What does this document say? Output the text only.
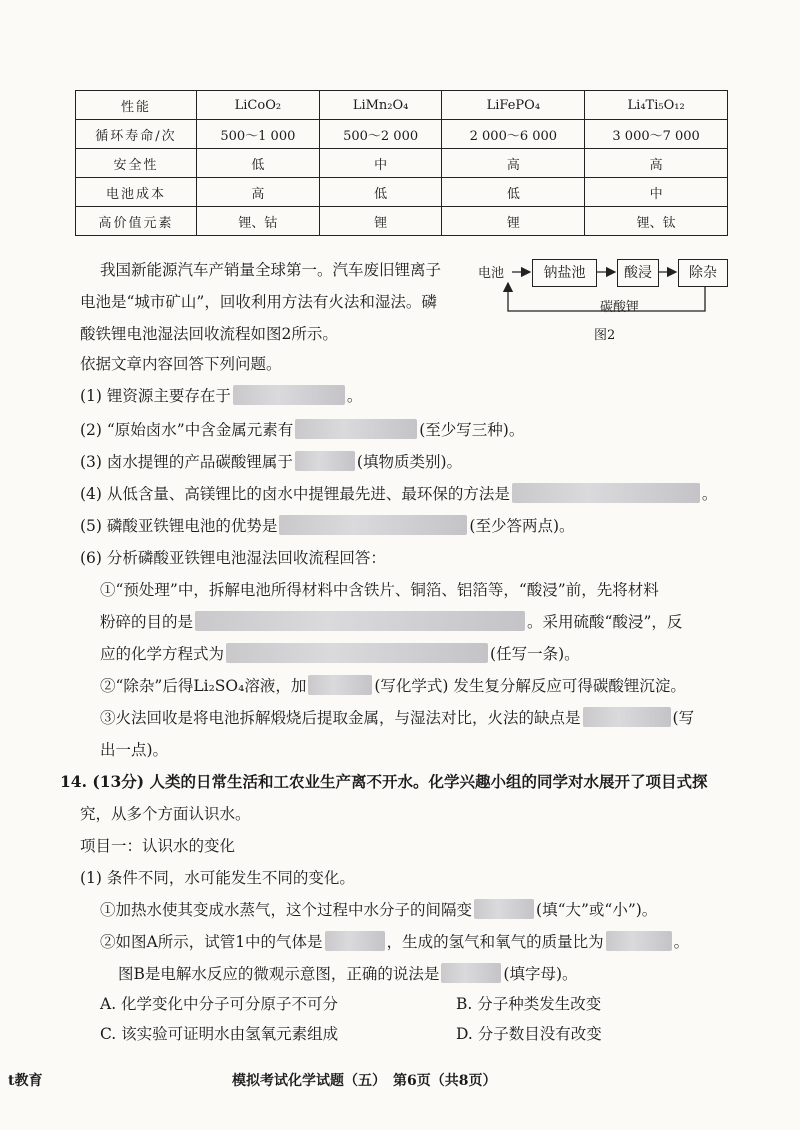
性能	LiCoO₂	LiMn₂O₄	LiFePO₄	Li₄Ti₅O₁₂
循环寿命/次	500～1 000	500～2 000	2 000～6 000	3 000～7 000
安全性	低	中	高	高
电池成本	高	低	低	中
高价值元素	锂、钴	锂	锂	锂、钛
我国新能源汽车产销量全球第一。汽车废旧锂离子
电池是“城市矿山”，回收利用方法有火法和湿法。磷
酸铁锂电池湿法回收流程如图2所示。
电池	钠盐池	酸浸	除杂
碳酸锂
图2
依据文章内容回答下列问题。
(1) 锂资源主要存在于	。
(2) “原始卤水”中含金属元素有	(至少写三种)。
(3) 卤水提锂的产品碳酸锂属于	(填物质类别)。
(4) 从低含量、高镁锂比的卤水中提锂最先进、最环保的方法是	。
(5) 磷酸亚铁锂电池的优势是	(至少答两点)。
(6) 分析磷酸亚铁锂电池湿法回收流程回答：
①“预处理”中，拆解电池所得材料中含铁片、铜箔、铝箔等，“酸浸”前，先将材料
粉碎的目的是	。采用硫酸“酸浸”，反
应的化学方程式为	(任写一条)。
②“除杂”后得Li₂SO₄溶液，加	(写化学式) 发生复分解反应可得碳酸锂沉淀。
③火法回收是将电池拆解煅烧后提取金属，与湿法对比，火法的缺点是	(写
出一点)。
14. (13分) 人类的日常生活和工农业生产离不开水。化学兴趣小组的同学对水展开了项目式探
究，从多个方面认识水。
项目一：认识水的变化
(1) 条件不同，水可能发生不同的变化。
①加热水使其变成水蒸气，这个过程中水分子的间隔变	(填“大”或“小”)。
②如图A所示，试管1中的气体是	，生成的氢气和氧气的质量比为	。
图B是电解水反应的微观示意图，正确的说法是	(填字母)。
A. 化学变化中分子可分原子不可分	B. 分子种类发生改变
C. 该实验可证明水由氢氧元素组成	D. 分子数目没有改变
t教育	模拟考试化学试题（五）　第6页（共8页）
